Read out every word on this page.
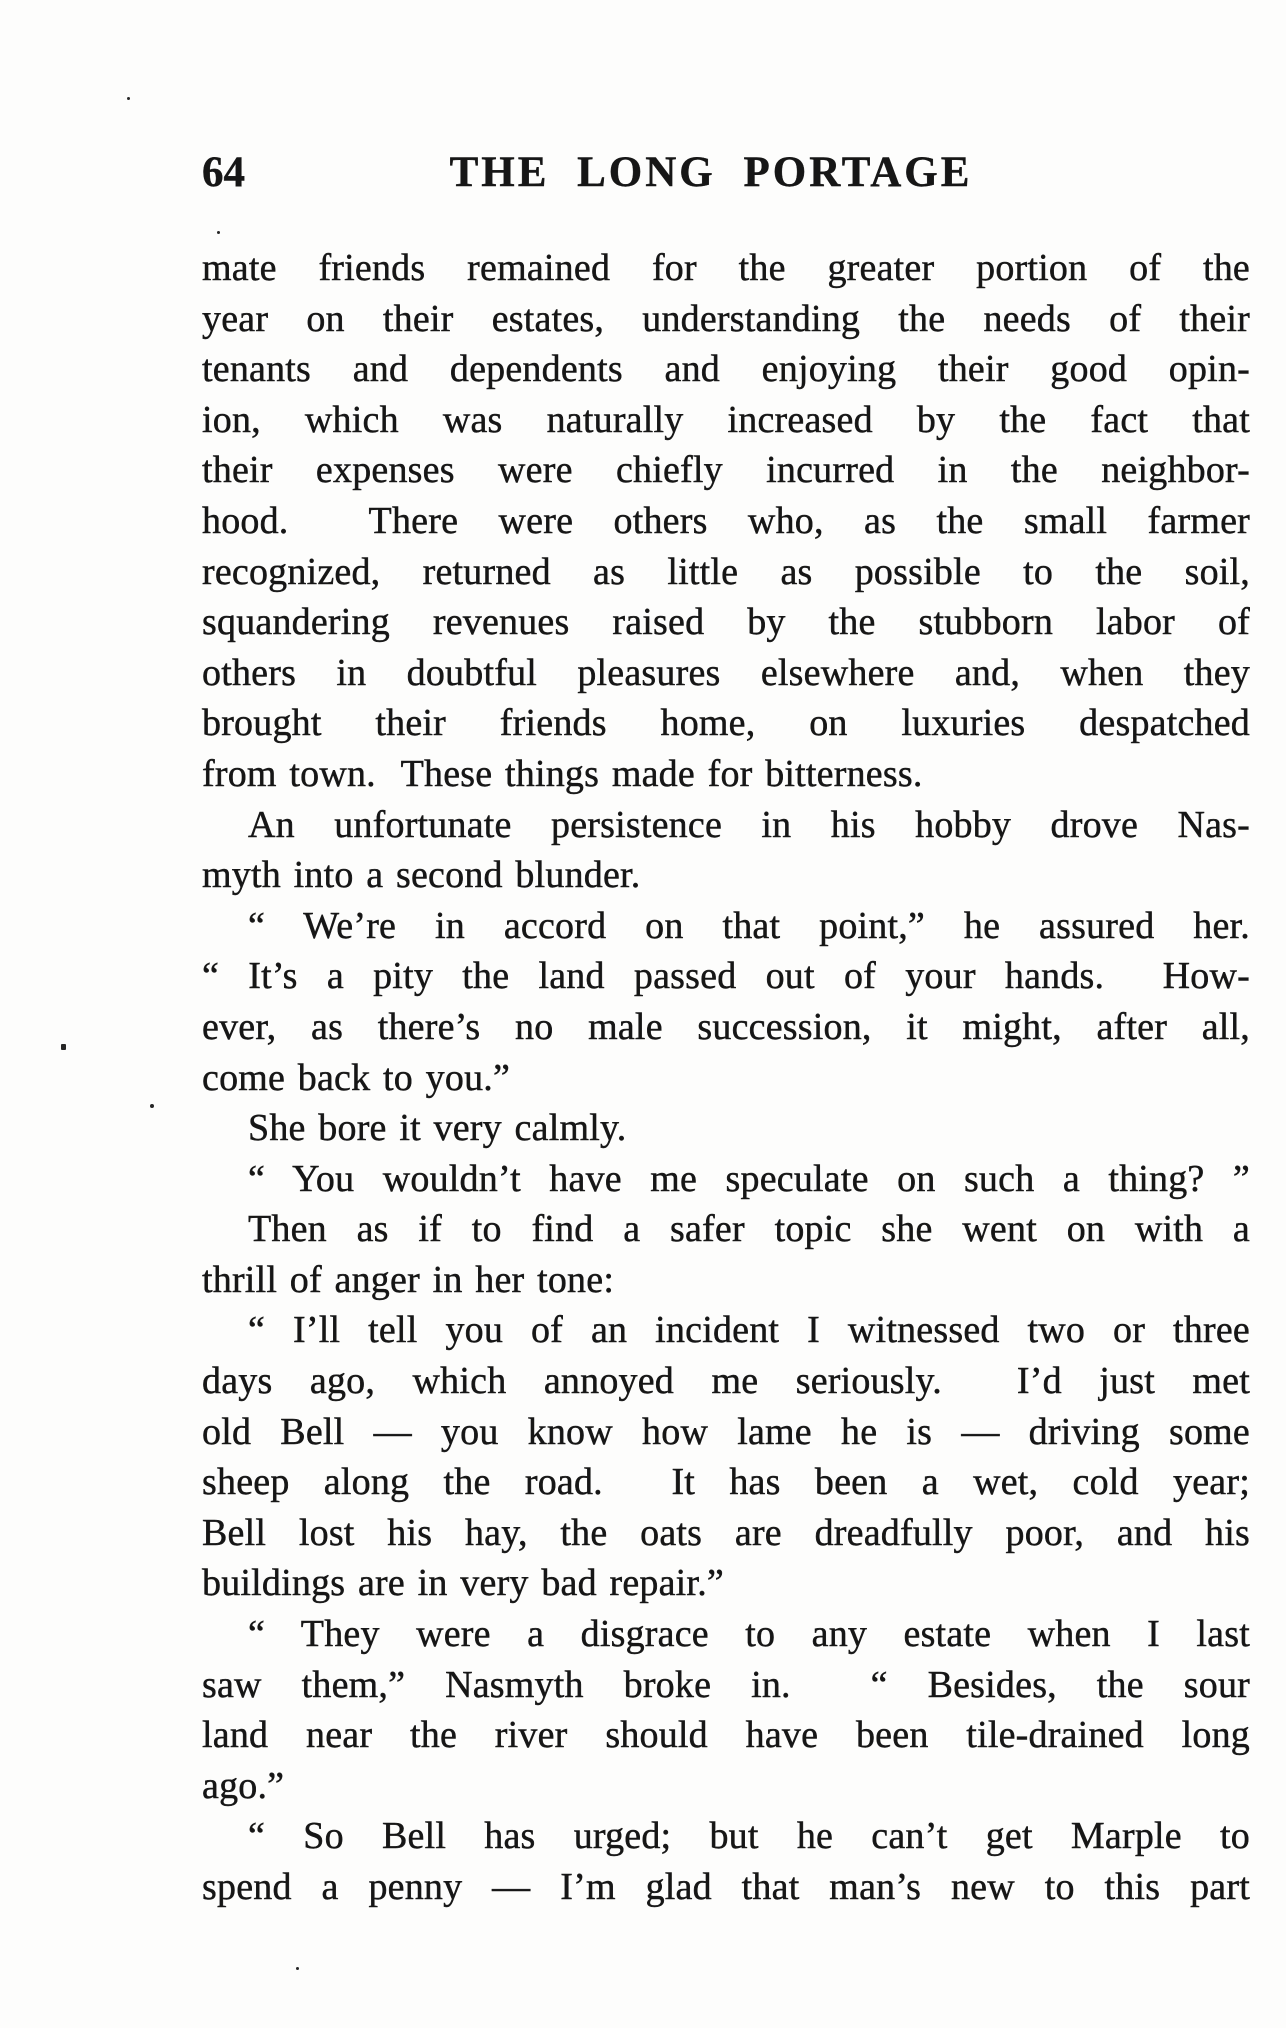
64	THE LONG PORTAGE
mate friends remained for the greater portion of the
year on their estates, understanding the needs of their
tenants and dependents and enjoying their good opin-
ion, which was naturally increased by the fact that
their expenses were chiefly incurred in the neighbor-
hood.  There were others who, as the small farmer
recognized, returned as little as possible to the soil,
squandering revenues raised by the stubborn labor of
others in doubtful pleasures elsewhere and, when they
brought their friends home, on luxuries despatched
from town.  These things made for bitterness.
An unfortunate persistence in his hobby drove Nas-
myth into a second blunder.
“ We’re in accord on that point,” he assured her.
“ It’s a pity the land passed out of your hands.  How-
ever, as there’s no male succession, it might, after all,
come back to you.”
She bore it very calmly.
“ You wouldn’t have me speculate on such a thing? ”
Then as if to find a safer topic she went on with a
thrill of anger in her tone:
“ I’ll tell you of an incident I witnessed two or three
days ago, which annoyed me seriously.  I’d just met
old Bell — you know how lame he is — driving some
sheep along the road.  It has been a wet, cold year;
Bell lost his hay, the oats are dreadfully poor, and his
buildings are in very bad repair.”
“ They were a disgrace to any estate when I last
saw them,” Nasmyth broke in.  “ Besides, the sour
land near the river should have been tile-drained long
ago.”
“ So Bell has urged; but he can’t get Marple to
spend a penny — I’m glad that man’s new to this part
